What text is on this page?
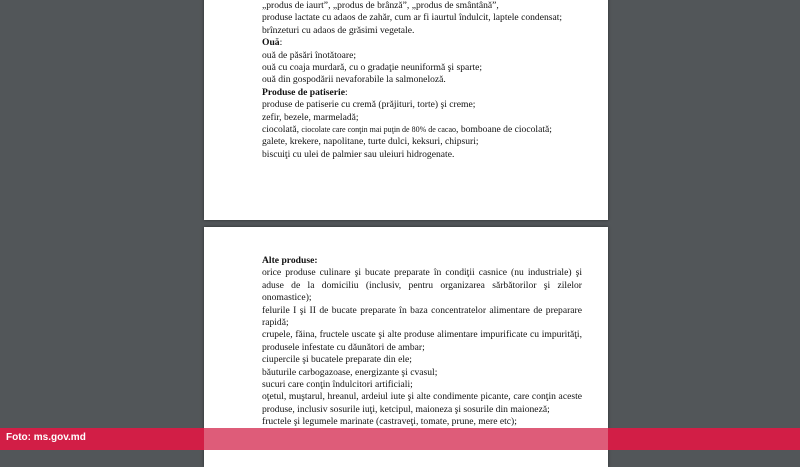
„produs de iaurt”, „produs de brânză”, „produs de smântână”,
produse lactate cu adaos de zahăr, cum ar fi iaurtul îndulcit, laptele condensat;
brînzeturi cu adaos de grăsimi vegetale.
Ouă:
ouă de păsări înotătoare;
ouă cu coaja murdară, cu o gradaţie neuniformă şi sparte;
ouă din gospodării nevaforabile la salmoneloză.
Produse de patiserie:
produse de patiserie cu cremă (prăjituri, torte) şi creme;
zefir, bezele, marmeladă;
ciocolată, ciocolate care conţin mai puţin de 80% de cacao, bomboane de ciocolată;
galete, krekere, napolitane, turte dulci, keksuri, chipsuri;
biscuiţi cu ulei de palmier sau uleiuri hidrogenate.
Alte produse:
orice produse culinare şi bucate preparate în condiţii casnice (nu industriale) şi aduse de la domiciliu (inclusiv, pentru organizarea sărbătorilor şi zilelor onomastice);
felurile I şi II de bucate preparate în baza concentratelor alimentare de preparare rapidă;
crupele, făina, fructele uscate şi alte produse alimentare impurificate cu impurităţi, produsele infestate cu dăunători de ambar;
ciupercile şi bucatele preparate din ele;
băuturile carbogazoase, energizante şi cvasul;
sucuri care conţin îndulcitori artificiali;
oţetul, muştarul, hreanul, ardeiul iute şi alte condimente picante, care conţin aceste produse, inclusiv sosurile iuţi, ketcipul, maioneza şi sosurile din maioneză;
fructele şi legumele marinate (castraveţi, tomate, prune, mere etc);
Foto: ms.gov.md
